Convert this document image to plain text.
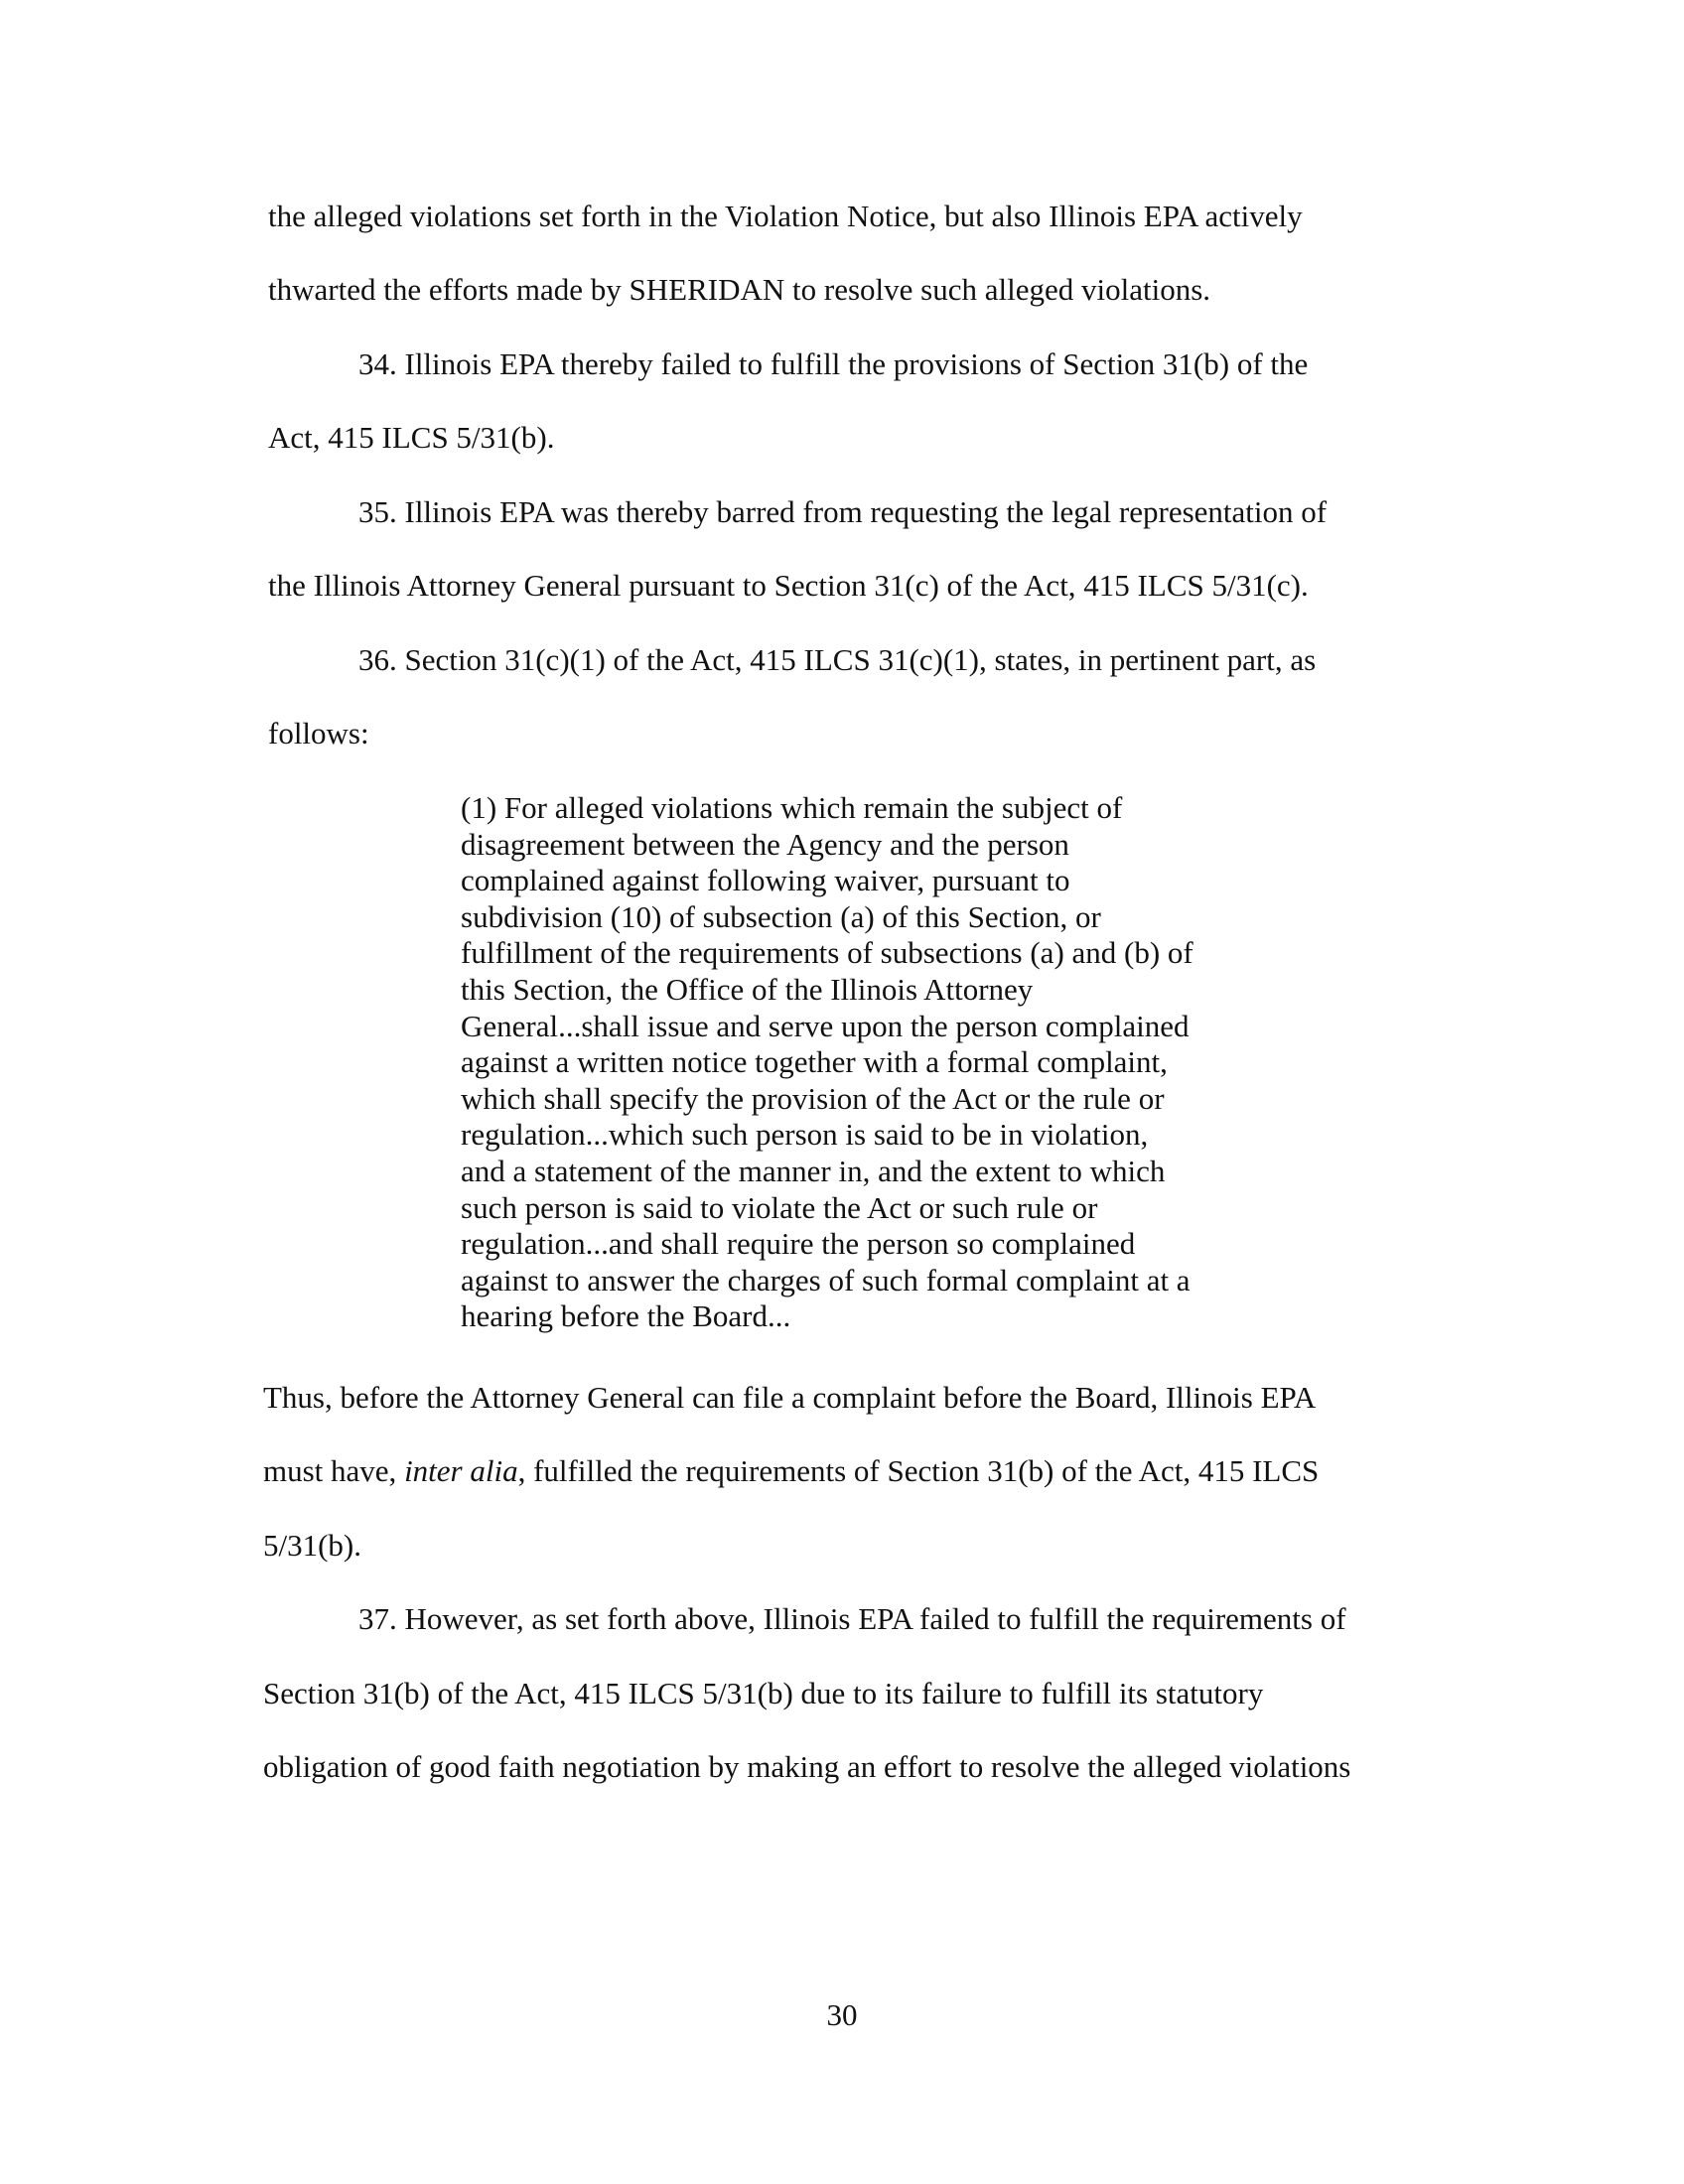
the alleged violations set forth in the Violation Notice, but also Illinois EPA actively

thwarted the efforts made by SHERIDAN to resolve such alleged violations.

34. Illinois EPA thereby failed to fulfill the provisions of Section 31(b) of the

Act, 415 ILCS 5/31(b).

35. Illinois EPA was thereby barred from requesting the legal representation of

the Illinois Attorney General pursuant to Section 31(c) of the Act, 415 ILCS 5/31(c).

36. Section 31(c)(1) of the Act, 415 ILCS 31(c)(1), states, in pertinent part, as

follows:

(1) For alleged violations which remain the subject of
disagreement between the Agency and the person
complained against following waiver, pursuant to
subdivision (10) of subsection (a) of this Section, or
fulfillment of the requirements of subsections (a) and (b) of
this Section, the Office of the Illinois Attorney
General...shall issue and serve upon the person complained
against a written notice together with a formal complaint,
which shall specify the provision of the Act or the rule or
regulation...which such person is said to be in violation,
and a statement of the manner in, and the extent to which
such person is said to violate the Act or such rule or
regulation...and shall require the person so complained
against to answer the charges of such formal complaint at a
hearing before the Board...

Thus, before the Attorney General can file a complaint before the Board, Illinois EPA

must have, inter alia, fulfilled the requirements of Section 31(b) of the Act, 415 ILCS

5/31(b).

37. However, as set forth above, Illinois EPA failed to fulfill the requirements of

Section 31(b) of the Act, 415 ILCS 5/31(b) due to its failure to fulfill its statutory

obligation of good faith negotiation by making an effort to resolve the alleged violations

30
